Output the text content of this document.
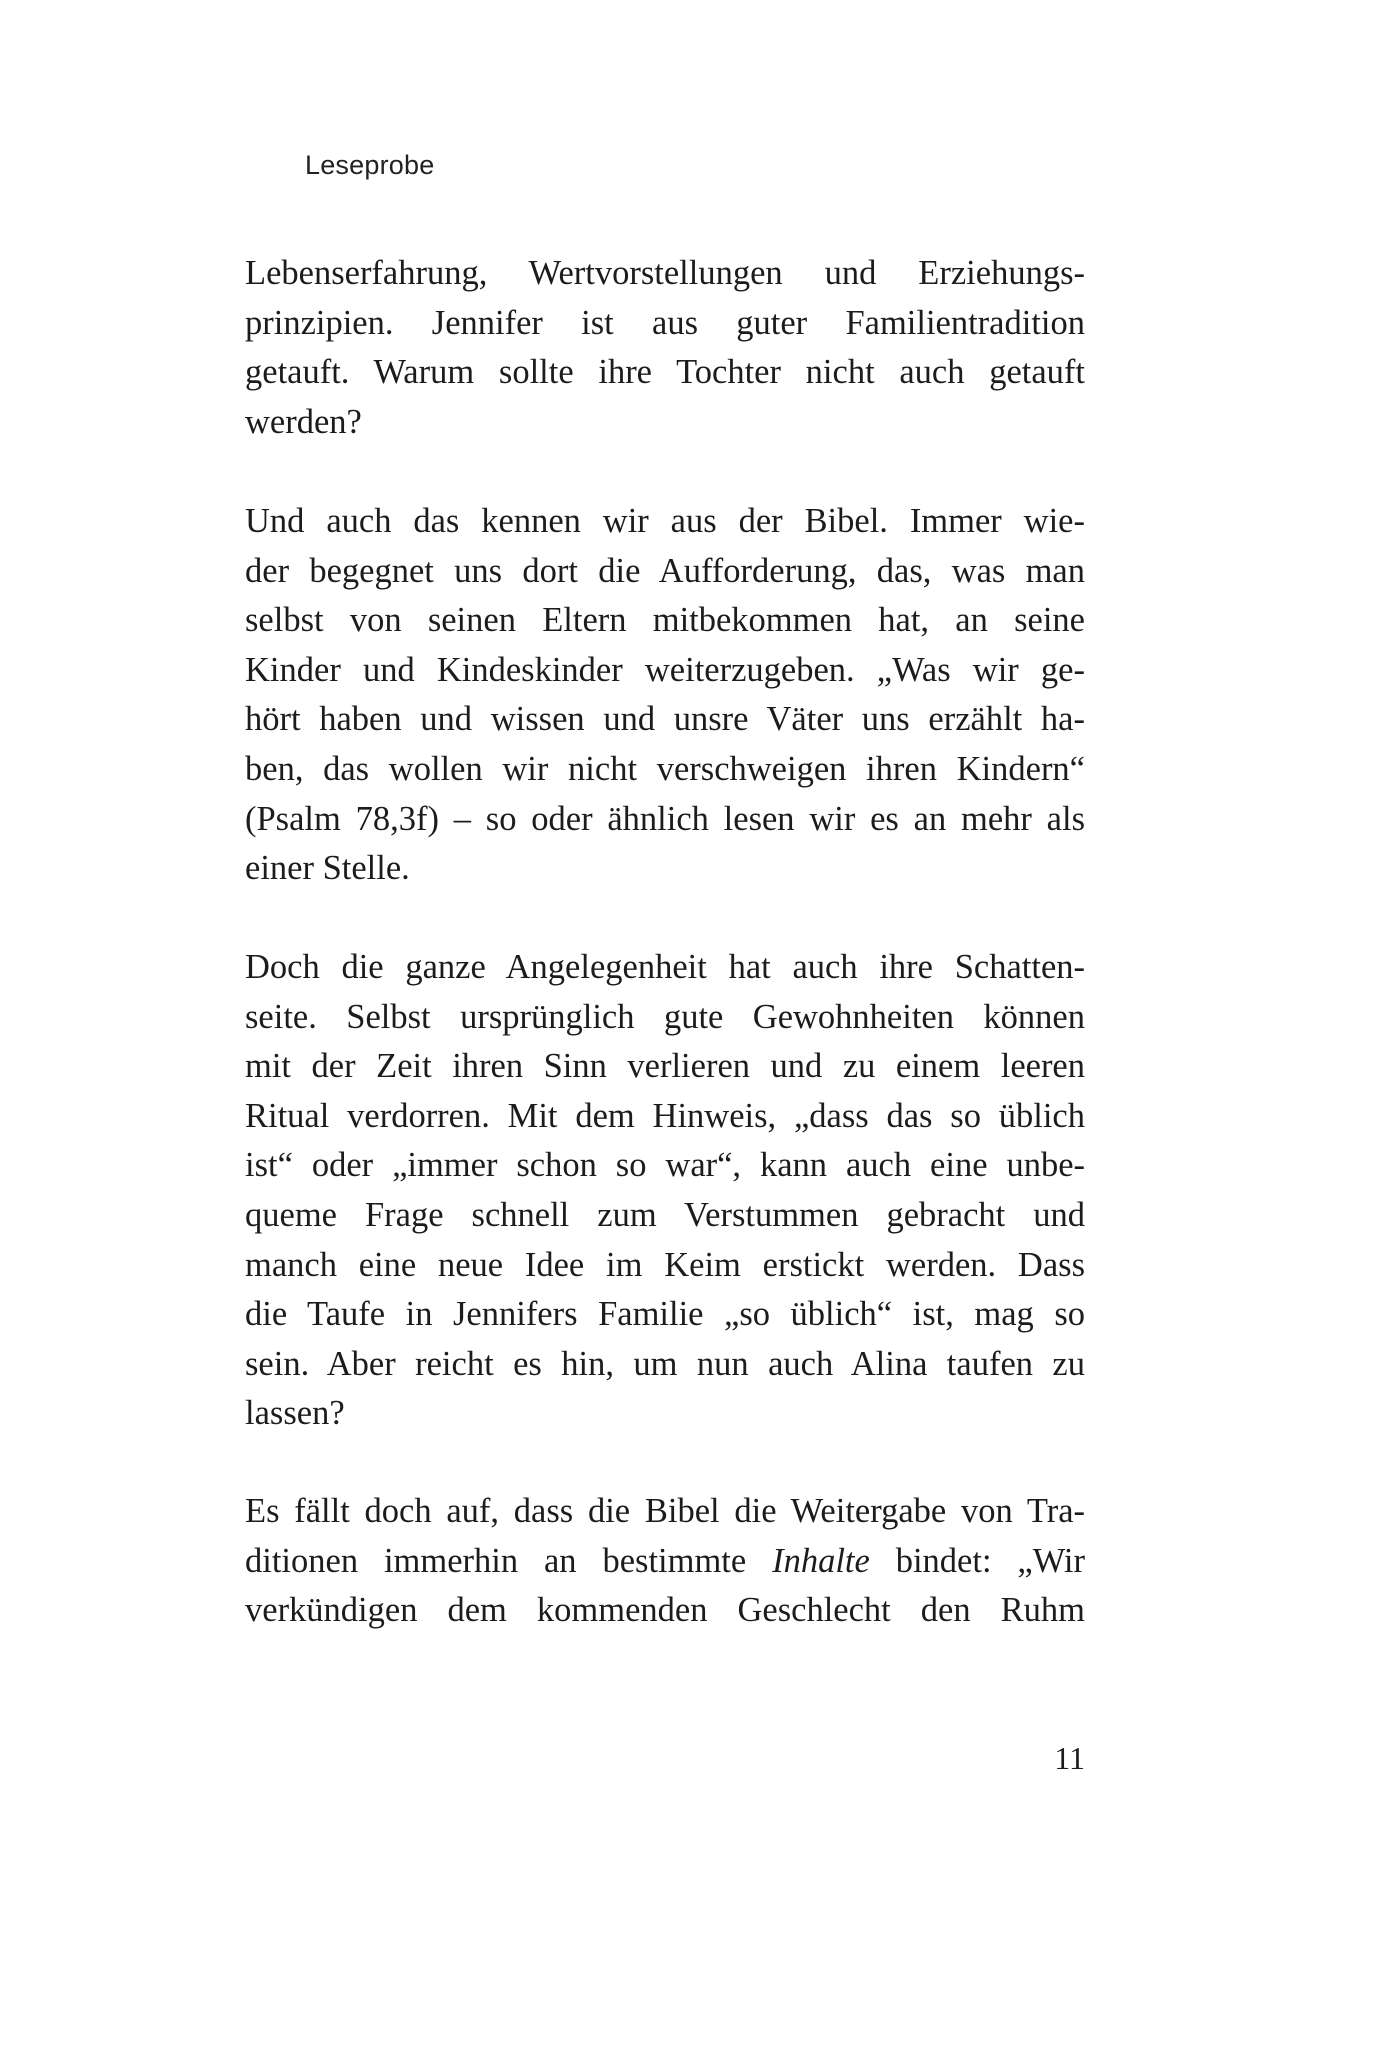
Leseprobe
Lebenserfahrung, Wertvorstellungen und Erziehungs-
prinzipien. Jennifer ist aus guter Familientradition
getauft. Warum sollte ihre Tochter nicht auch getauft
werden?
Und auch das kennen wir aus der Bibel. Immer wie-
der begegnet uns dort die Aufforderung, das, was man
selbst von seinen Eltern mitbekommen hat, an seine
Kinder und Kindeskinder weiterzugeben. „Was wir ge-
hört haben und wissen und unsre Väter uns erzählt ha-
ben, das wollen wir nicht verschweigen ihren Kindern“
(Psalm 78,3f) – so oder ähnlich lesen wir es an mehr als
einer Stelle.
Doch die ganze Angelegenheit hat auch ihre Schatten-
seite. Selbst ursprünglich gute Gewohnheiten können
mit der Zeit ihren Sinn verlieren und zu einem leeren
Ritual verdorren. Mit dem Hinweis, „dass das so üblich
ist“ oder „immer schon so war“, kann auch eine unbe-
queme Frage schnell zum Verstummen gebracht und
manch eine neue Idee im Keim erstickt werden. Dass
die Taufe in Jennifers Familie „so üblich“ ist, mag so
sein. Aber reicht es hin, um nun auch Alina taufen zu
lassen?
Es fällt doch auf, dass die Bibel die Weitergabe von Tra-
ditionen immerhin an bestimmte Inhalte bindet: „Wir
verkündigen dem kommenden Geschlecht den Ruhm
11
